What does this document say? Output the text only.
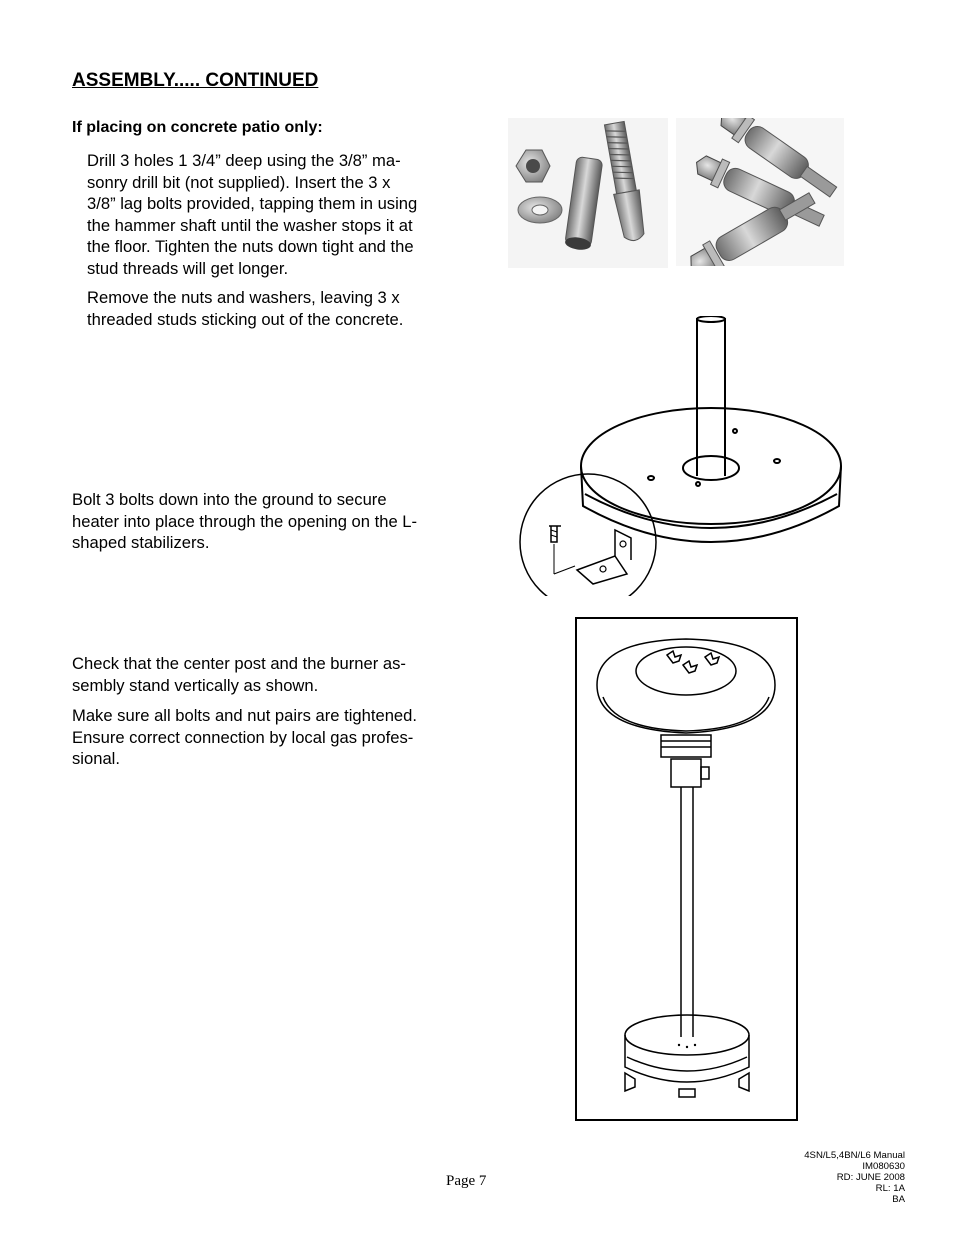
ASSEMBLY..... CONTINUED
If placing on concrete patio only:
Drill 3 holes 1 3/4” deep using the 3/8” ma-
sonry drill bit (not supplied). Insert the 3 x
3/8” lag bolts provided, tapping them in using
the hammer shaft until the washer stops it at
the floor. Tighten the nuts down tight and the
stud threads will get longer.
Remove the nuts and washers, leaving 3 x
threaded studs sticking out of the concrete.
Bolt 3 bolts down into the ground to secure
heater into place through the opening on the L-
shaped stabilizers.
Check that the center post and the burner as-
sembly stand vertically as shown.
Make sure all bolts and nut pairs are tightened.
Ensure correct connection by local gas profes-
sional.
Page 7
4SN/L5,4BN/L6 Manual
IM080630
RD: JUNE 2008
RL: 1A
BA
